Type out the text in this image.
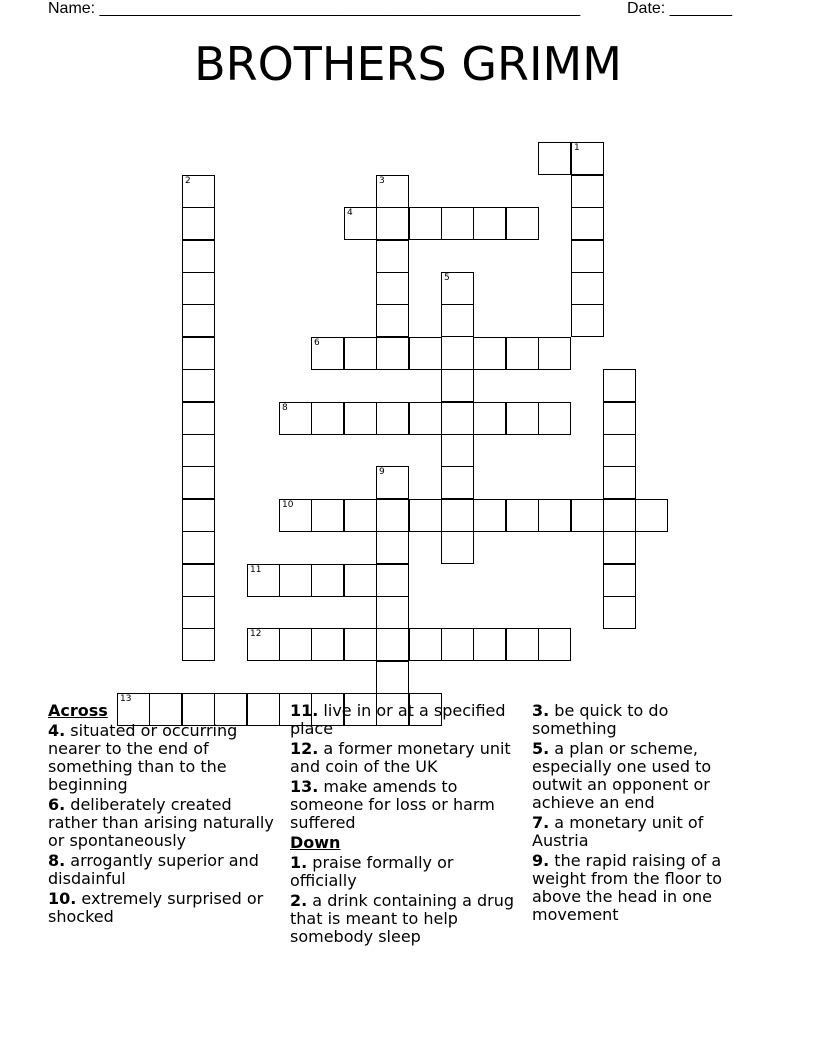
Name: ______________________________________________________	Date: _______
BROTHERS GRIMM
1
2	3
4
5
6
8
9
10
11
12
13
Across
4. situated or occurring nearer to the end of something than to the beginning
6. deliberately created rather than arising naturally or spontaneously
8. arrogantly superior and disdainful
10. extremely surprised or shocked
11. live in or at a specified place
12. a former monetary unit and coin of the UK
13. make amends to someone for loss or harm suffered
Down
1. praise formally or officially
2. a drink containing a drug that is meant to help somebody sleep
3. be quick to do something
5. a plan or scheme, especially one used to outwit an opponent or achieve an end
7. a monetary unit of Austria
9. the rapid raising of a weight from the floor to above the head in one movement
